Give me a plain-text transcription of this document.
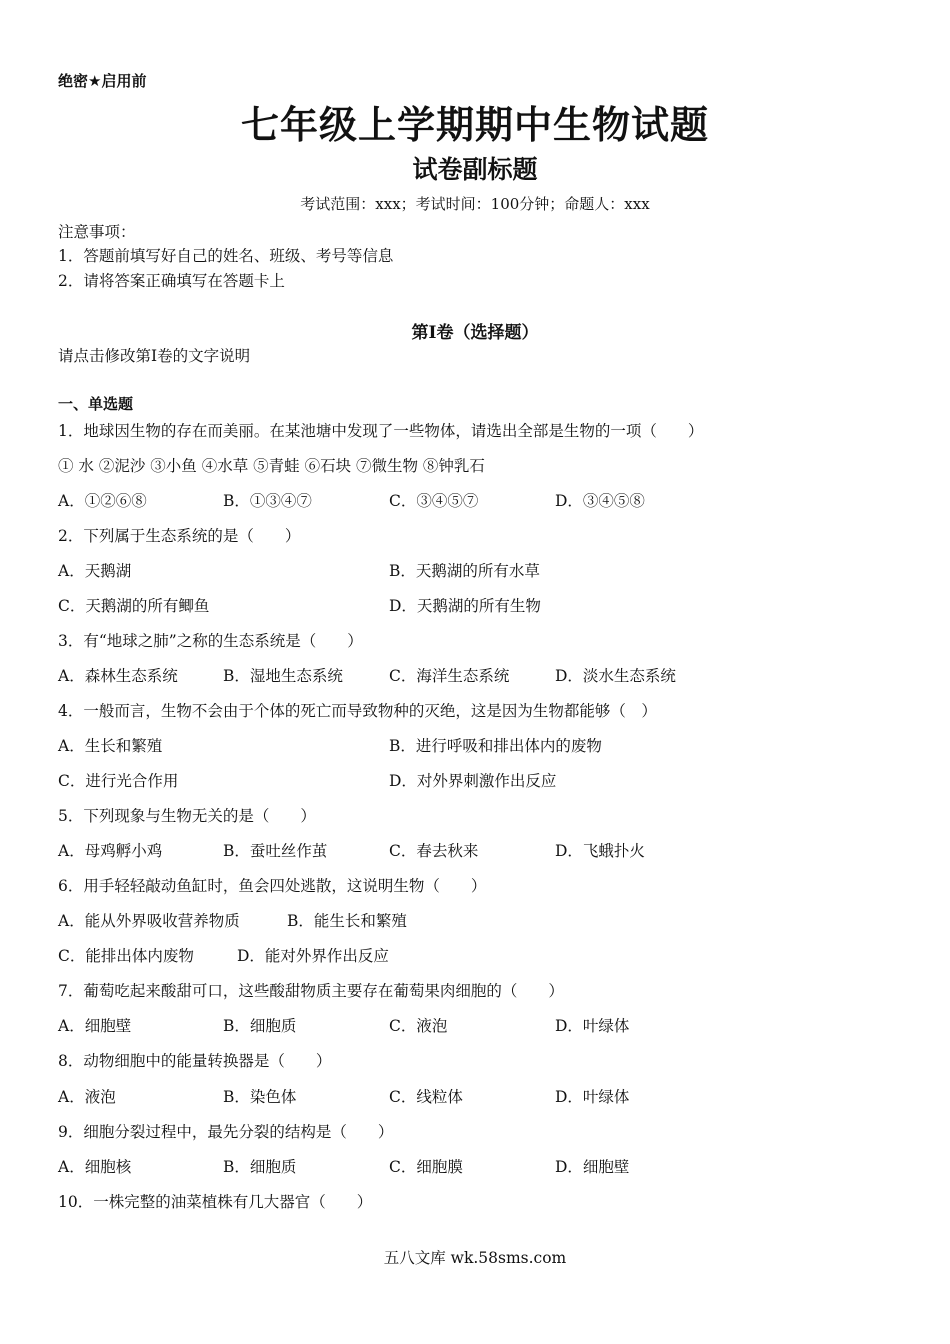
绝密★启用前
七年级上学期期中生物试题
试卷副标题
考试范围：xxx；考试时间：100分钟；命题人：xxx
注意事项：
1．答题前填写好自己的姓名、班级、考号等信息
2．请将答案正确填写在答题卡上
第I卷（选择题）
请点击修改第I卷的文字说明
一、单选题
1．地球因生物的存在而美丽。在某池塘中发现了一些物体，请选出全部是生物的一项（　　）
① 水 ②泥沙 ③小鱼 ④水草 ⑤青蛙 ⑥石块 ⑦微生物 ⑧钟乳石
A．①②⑥⑧	B．①③④⑦	C．③④⑤⑦	D．③④⑤⑧
2．下列属于生态系统的是（　　）
A．天鹅湖	B．天鹅湖的所有水草
C．天鹅湖的所有鲫鱼	D．天鹅湖的所有生物
3．有“地球之肺”之称的生态系统是（　　）
A．森林生态系统	B．湿地生态系统	C．海洋生态系统	D．淡水生态系统
4．一般而言，生物不会由于个体的死亡而导致物种的灭绝，这是因为生物都能够（　）
A．生长和繁殖	B．进行呼吸和排出体内的废物
C．进行光合作用	D．对外界刺激作出反应
5．下列现象与生物无关的是（　　）
A．母鸡孵小鸡	B．蚕吐丝作茧	C．春去秋来	D．飞蛾扑火
6．用手轻轻敲动鱼缸时，鱼会四处逃散，这说明生物（　　）
A．能从外界吸收营养物质	B．能生长和繁殖
C．能排出体内废物	D．能对外界作出反应
7．葡萄吃起来酸甜可口，这些酸甜物质主要存在葡萄果肉细胞的（　　）
A．细胞壁	B．细胞质	C．液泡	D．叶绿体
8．动物细胞中的能量转换器是（　　）
A．液泡	B．染色体	C．线粒体	D．叶绿体
9．细胞分裂过程中，最先分裂的结构是（　　）
A．细胞核	B．细胞质	C．细胞膜	D．细胞壁
10．一株完整的油菜植株有几大器官（　　）
五八文库 wk.58sms.com
